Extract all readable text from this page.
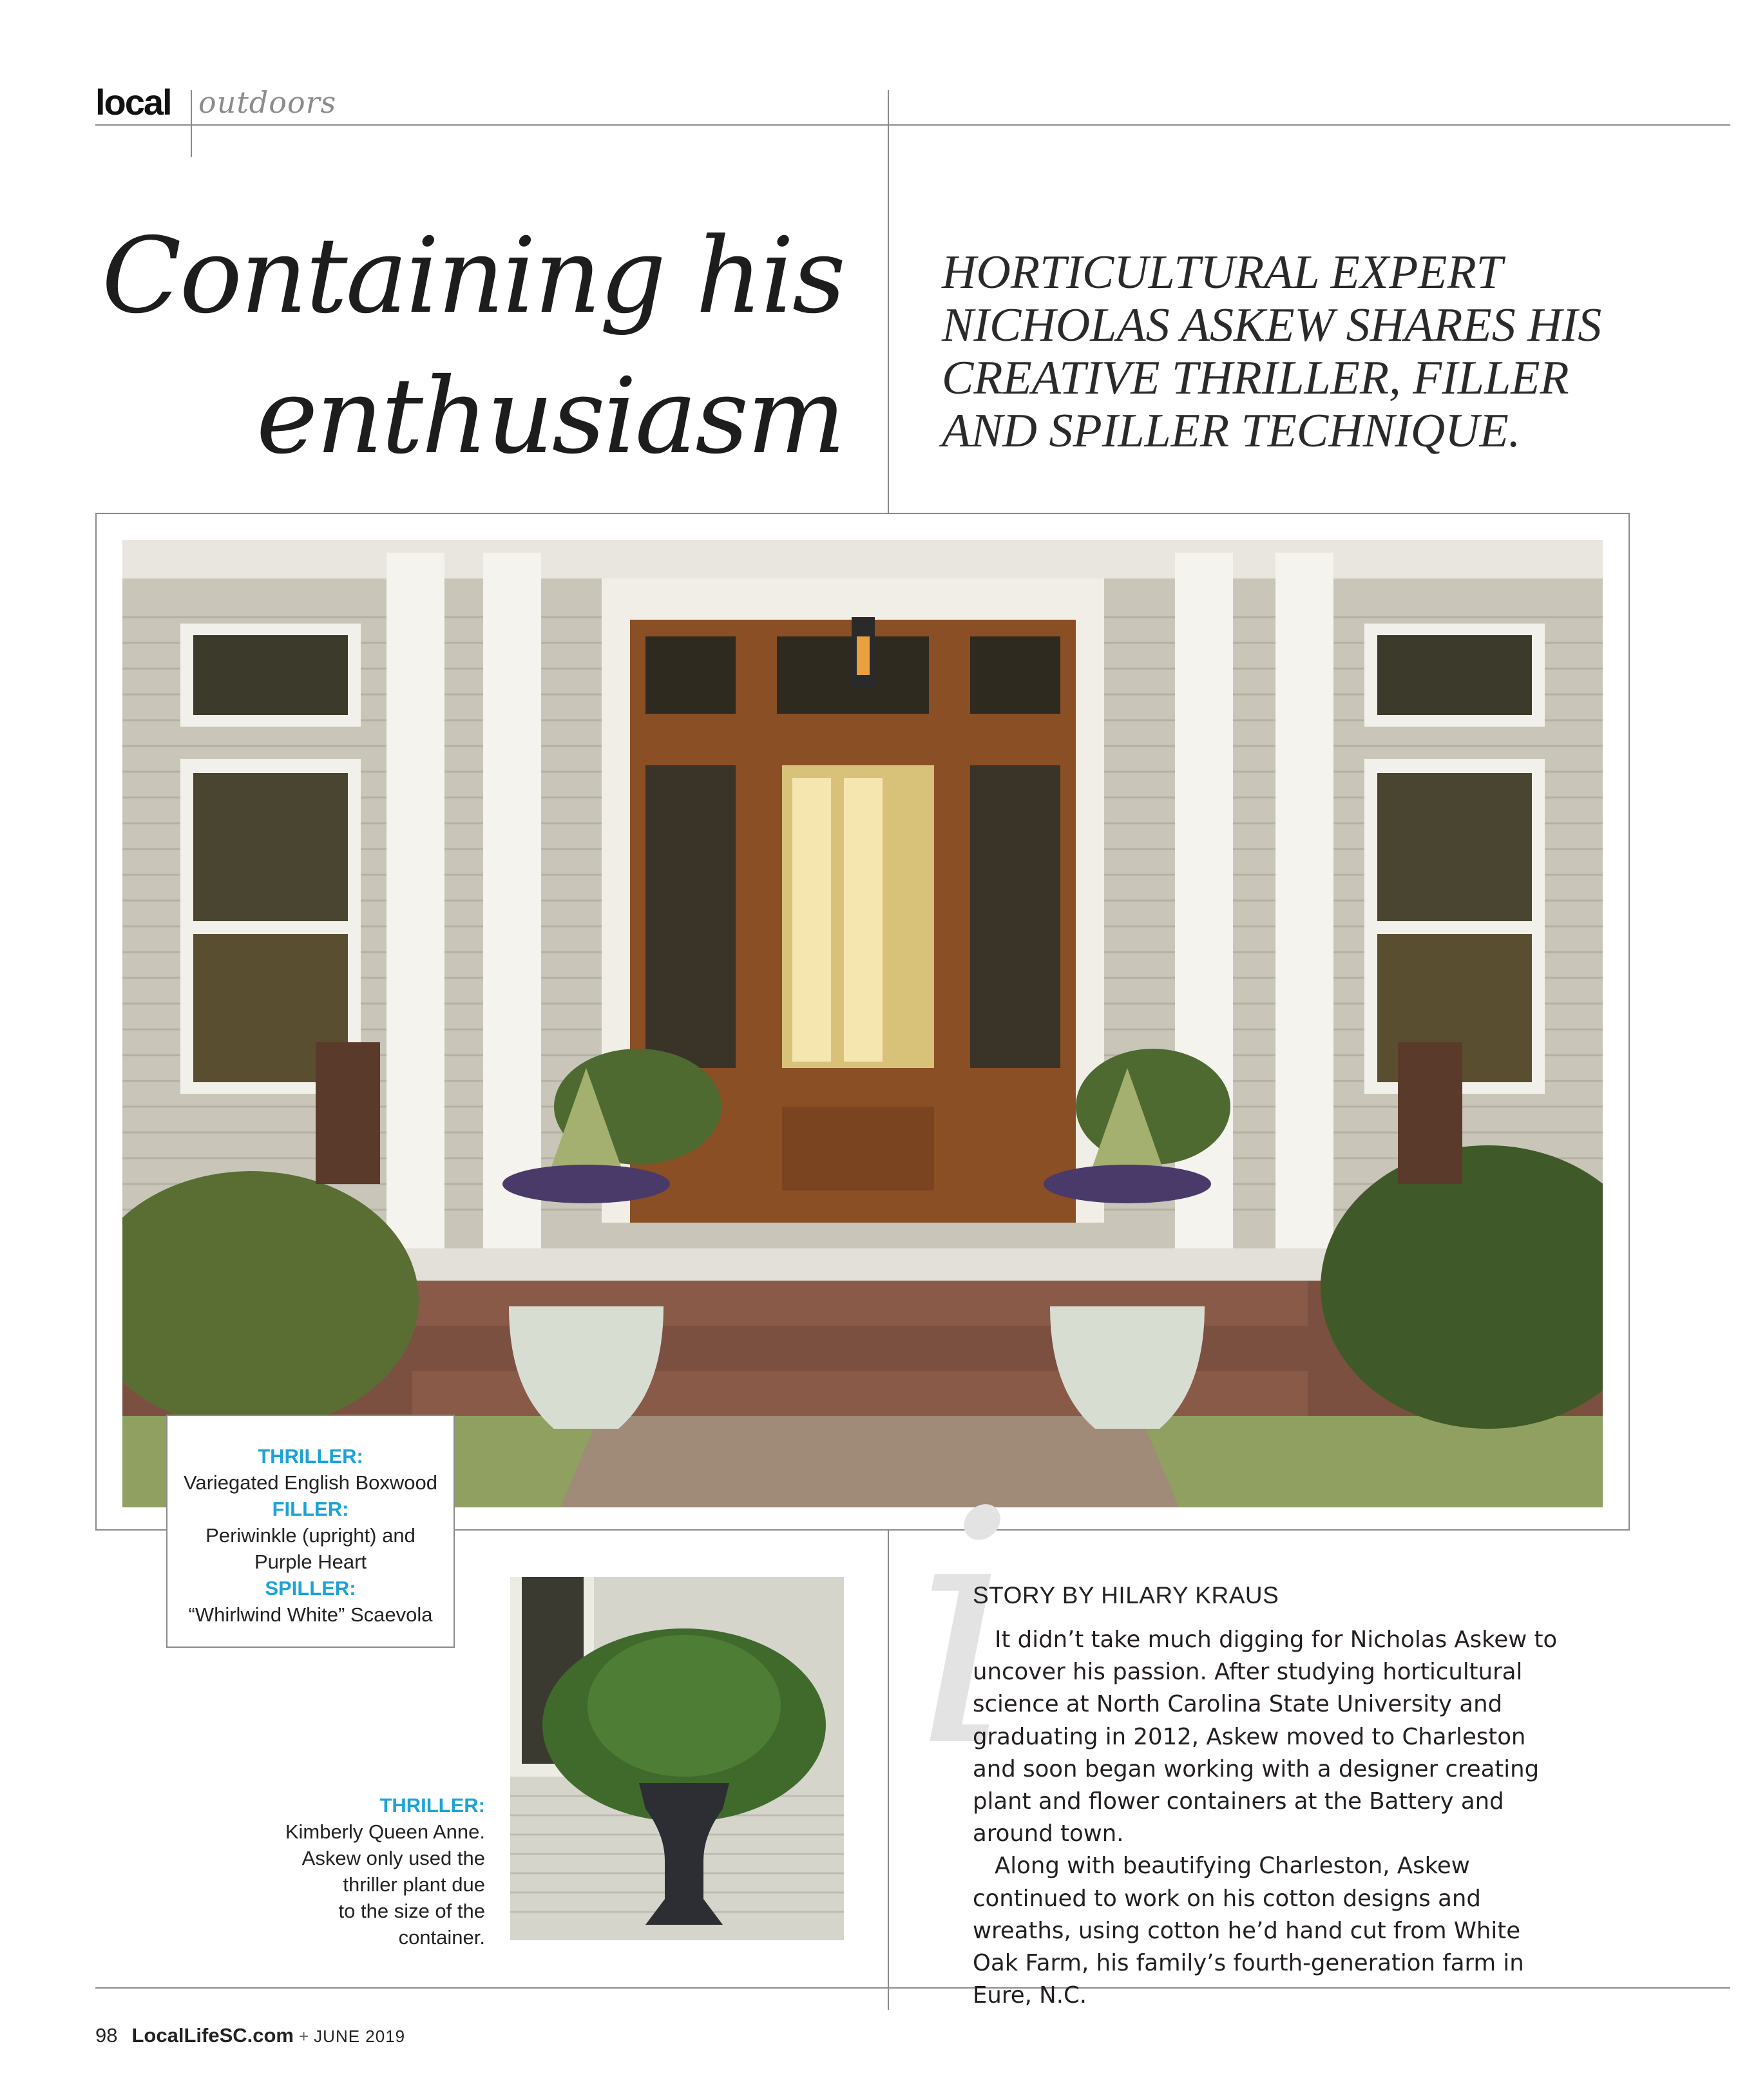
local outdoors
Containing his
enthusiasm
HORTICULTURAL EXPERT NICHOLAS ASKEW SHARES HIS CREATIVE THRILLER, FILLER AND SPILLER TECHNIQUE.
THRILLER:
Variegated English Boxwood
FILLER:
Periwinkle (upright) and
Purple Heart
SPILLER:
“Whirlwind White” Scaevola
THRILLER:
Kimberly Queen Anne.
Askew only used the
thriller plant due
to the size of the
container.
i
STORY BY HILARY KRAUS

It didn’t take much digging for Nicholas Askew to uncover his passion. After studying horticultural science at North Carolina State University and graduating in 2012, Askew moved to Charleston and soon began working with a designer creating plant and flower containers at the Battery and around town.

Along with beautifying Charleston, Askew continued to work on his cotton designs and wreaths, using cotton he’d hand cut from White Oak Farm, his family’s fourth-generation farm in Eure, N.C.

98 LocalLifeSC.com + JUNE 2019
